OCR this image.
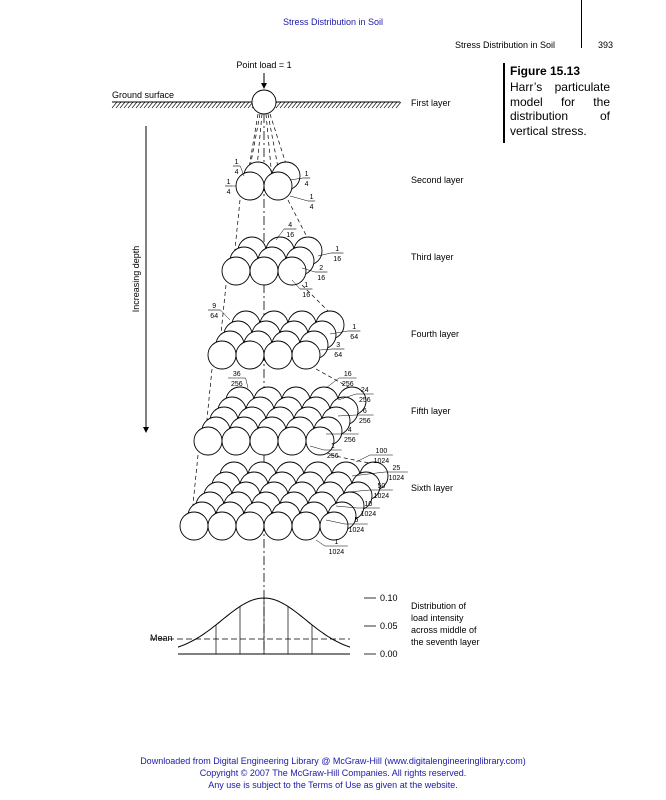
Stress Distribution in Soil
Stress Distribution in Soil	393
Figure 15.13
Harr’s particulate model for the distribution of vertical stress.
Point load = 1
Ground surface
Increasing depth
1
4
1
4
1
4
1
4
4
16
1
16
2
16
1
16
9
64
1
64
3
64
36
256
16
256
24
256
6
256
4
256
1
256
100
1024
25
1024
50
1024
10
1024
5
1024
1
1024
First layer
Second layer
Third layer
Fourth layer
Fifth layer
Sixth layer
Mean
0.10
0.05
0.00
Distribution of
load intensity
across middle of
the seventh layer
Downloaded from Digital Engineering Library @ McGraw-Hill (www.digitalengineeringlibrary.com)
Copyright © 2007 The McGraw-Hill Companies. All rights reserved.
Any use is subject to the Terms of Use as given at the website.
